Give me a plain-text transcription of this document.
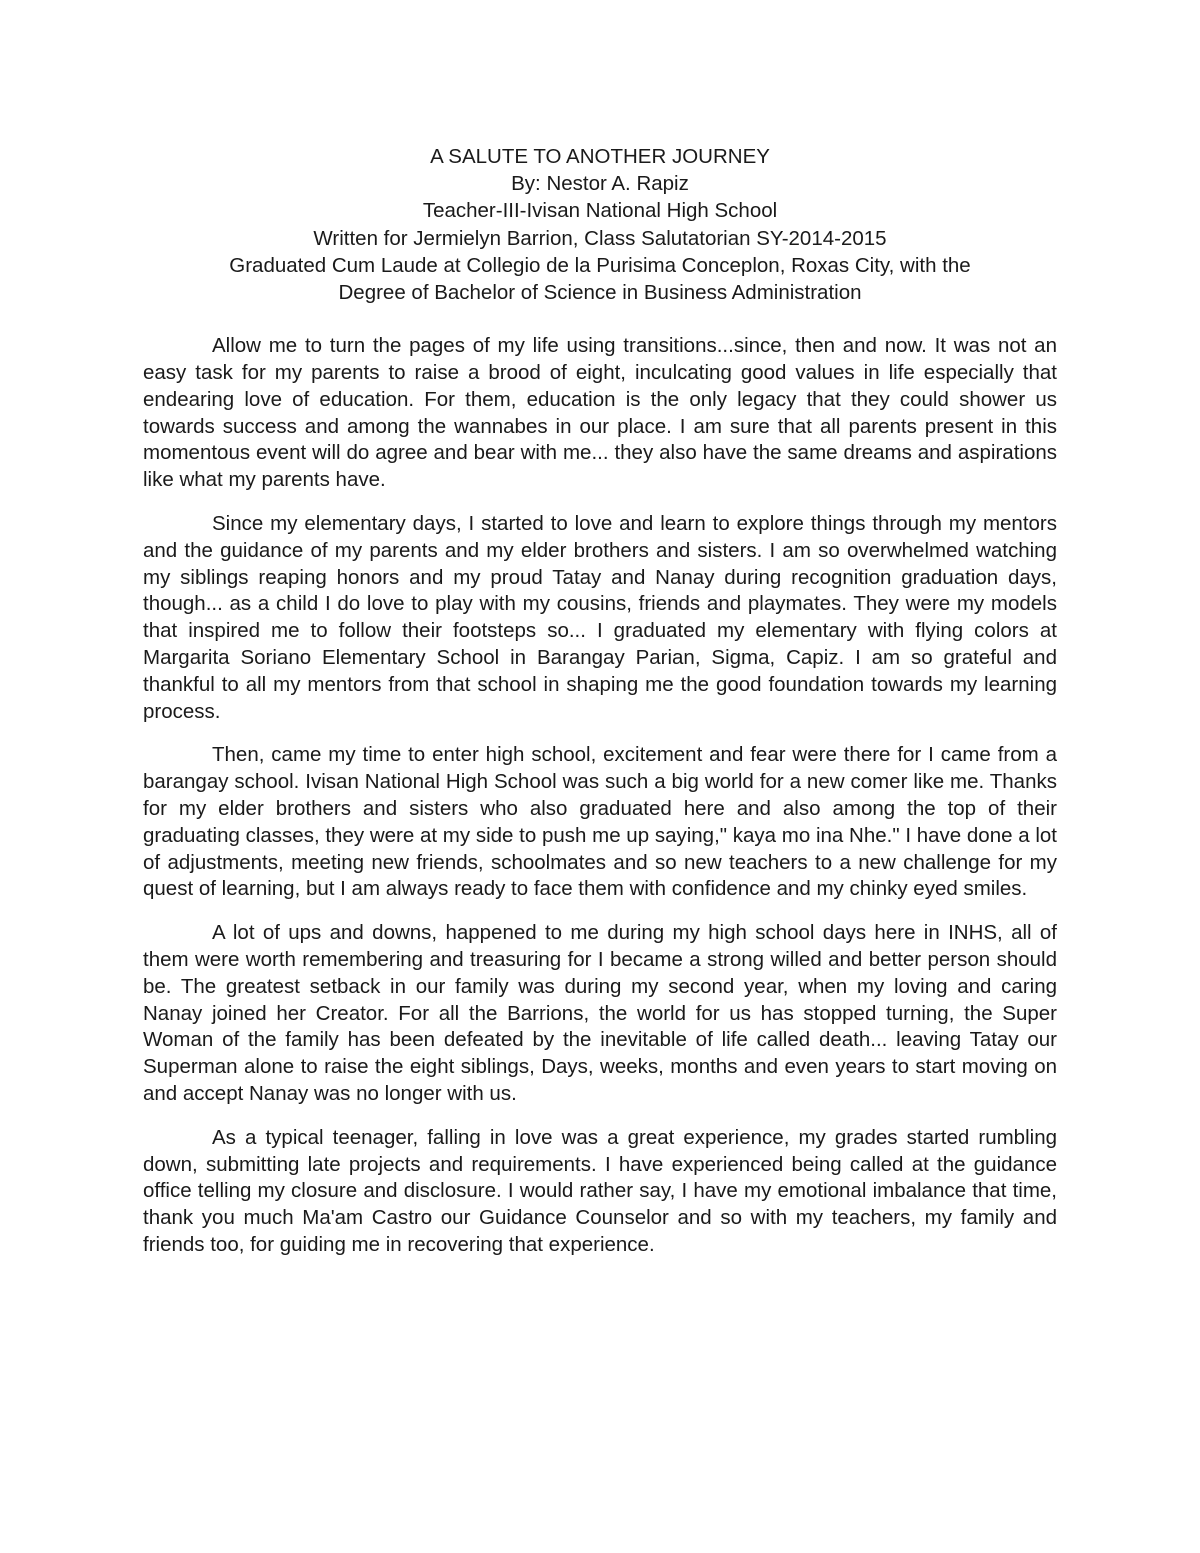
A SALUTE TO ANOTHER JOURNEY
By: Nestor A. Rapiz
Teacher-III-Ivisan National High School
Written for Jermielyn Barrion, Class Salutatorian SY-2014-2015
Graduated Cum Laude at Collegio de la Purisima Conceplon, Roxas City, with the
Degree of Bachelor of Science in Business Administration

Allow me to turn the pages of my life using transitions...since, then and now. It was not an easy task for my parents to raise a brood of eight, inculcating good values in life especially that endearing love of education. For them, education is the only legacy that they could shower us towards success and among the wannabes in our place. I am sure that all parents present in this momentous event will do agree and bear with me... they also have the same dreams and aspirations like what my parents have.

Since my elementary days, I started to love and learn to explore things through my mentors and the guidance of my parents and my elder brothers and sisters. I am so overwhelmed watching my siblings reaping honors and my proud Tatay and Nanay during recognition graduation days, though... as a child I do love to play with my cousins, friends and playmates. They were my models that inspired me to follow their footsteps so... I graduated my elementary with flying colors at Margarita Soriano Elementary School in Barangay Parian, Sigma, Capiz. I am so grateful and thankful to all my mentors from that school in shaping me the good foundation towards my learning process.

Then, came my time to enter high school, excitement and fear were there for I came from a barangay school. Ivisan National High School was such a big world for a new comer like me. Thanks for my elder brothers and sisters who also graduated here and also among the top of their graduating classes, they were at my side to push me up saying," kaya mo ina Nhe." I have done a lot of adjustments, meeting new friends, schoolmates and so new teachers to a new challenge for my quest of learning, but I am always ready to face them with confidence and my chinky eyed smiles.

A lot of ups and downs, happened to me during my high school days here in INHS, all of them were worth remembering and treasuring for I became a strong willed and better person should be. The greatest setback in our family was during my second year, when my loving and caring Nanay joined her Creator. For all the Barrions, the world for us has stopped turning, the Super Woman of the family has been defeated by the inevitable of life called death... leaving Tatay our Superman alone to raise the eight siblings, Days, weeks, months and even years to start moving on and accept Nanay was no longer with us.

As a typical teenager, falling in love was a great experience, my grades started rumbling down, submitting late projects and requirements. I have experienced being called at the guidance office telling my closure and disclosure. I would rather say, I have my emotional imbalance that time, thank you much Ma'am Castro our Guidance Counselor and so with my teachers, my family and friends too, for guiding me in recovering that experience.
